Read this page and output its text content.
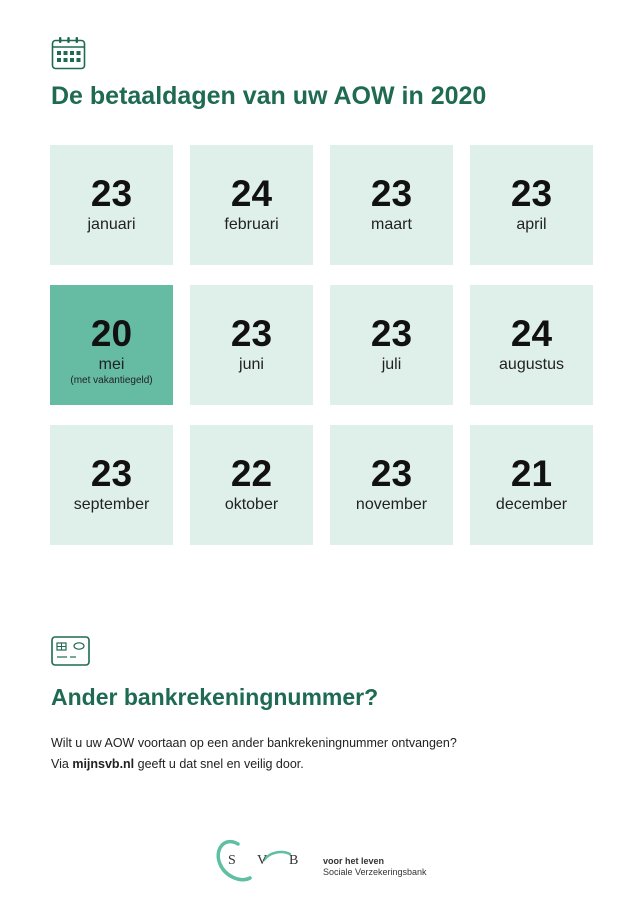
De betaaldagen van uw AOW in 2020
23
januari
24
februari
23
maart
23
april
20
mei
(met vakantiegeld)
23
juni
23
juli
24
augustus
23
september
22
oktober
23
november
21
december
Ander bankrekeningnummer?
Wilt u uw AOW voortaan op een ander bankrekeningnummer ontvangen?
Via mijnsvb.nl geeft u dat snel en veilig door.
S V B	voor het leven
Sociale Verzekeringsbank
